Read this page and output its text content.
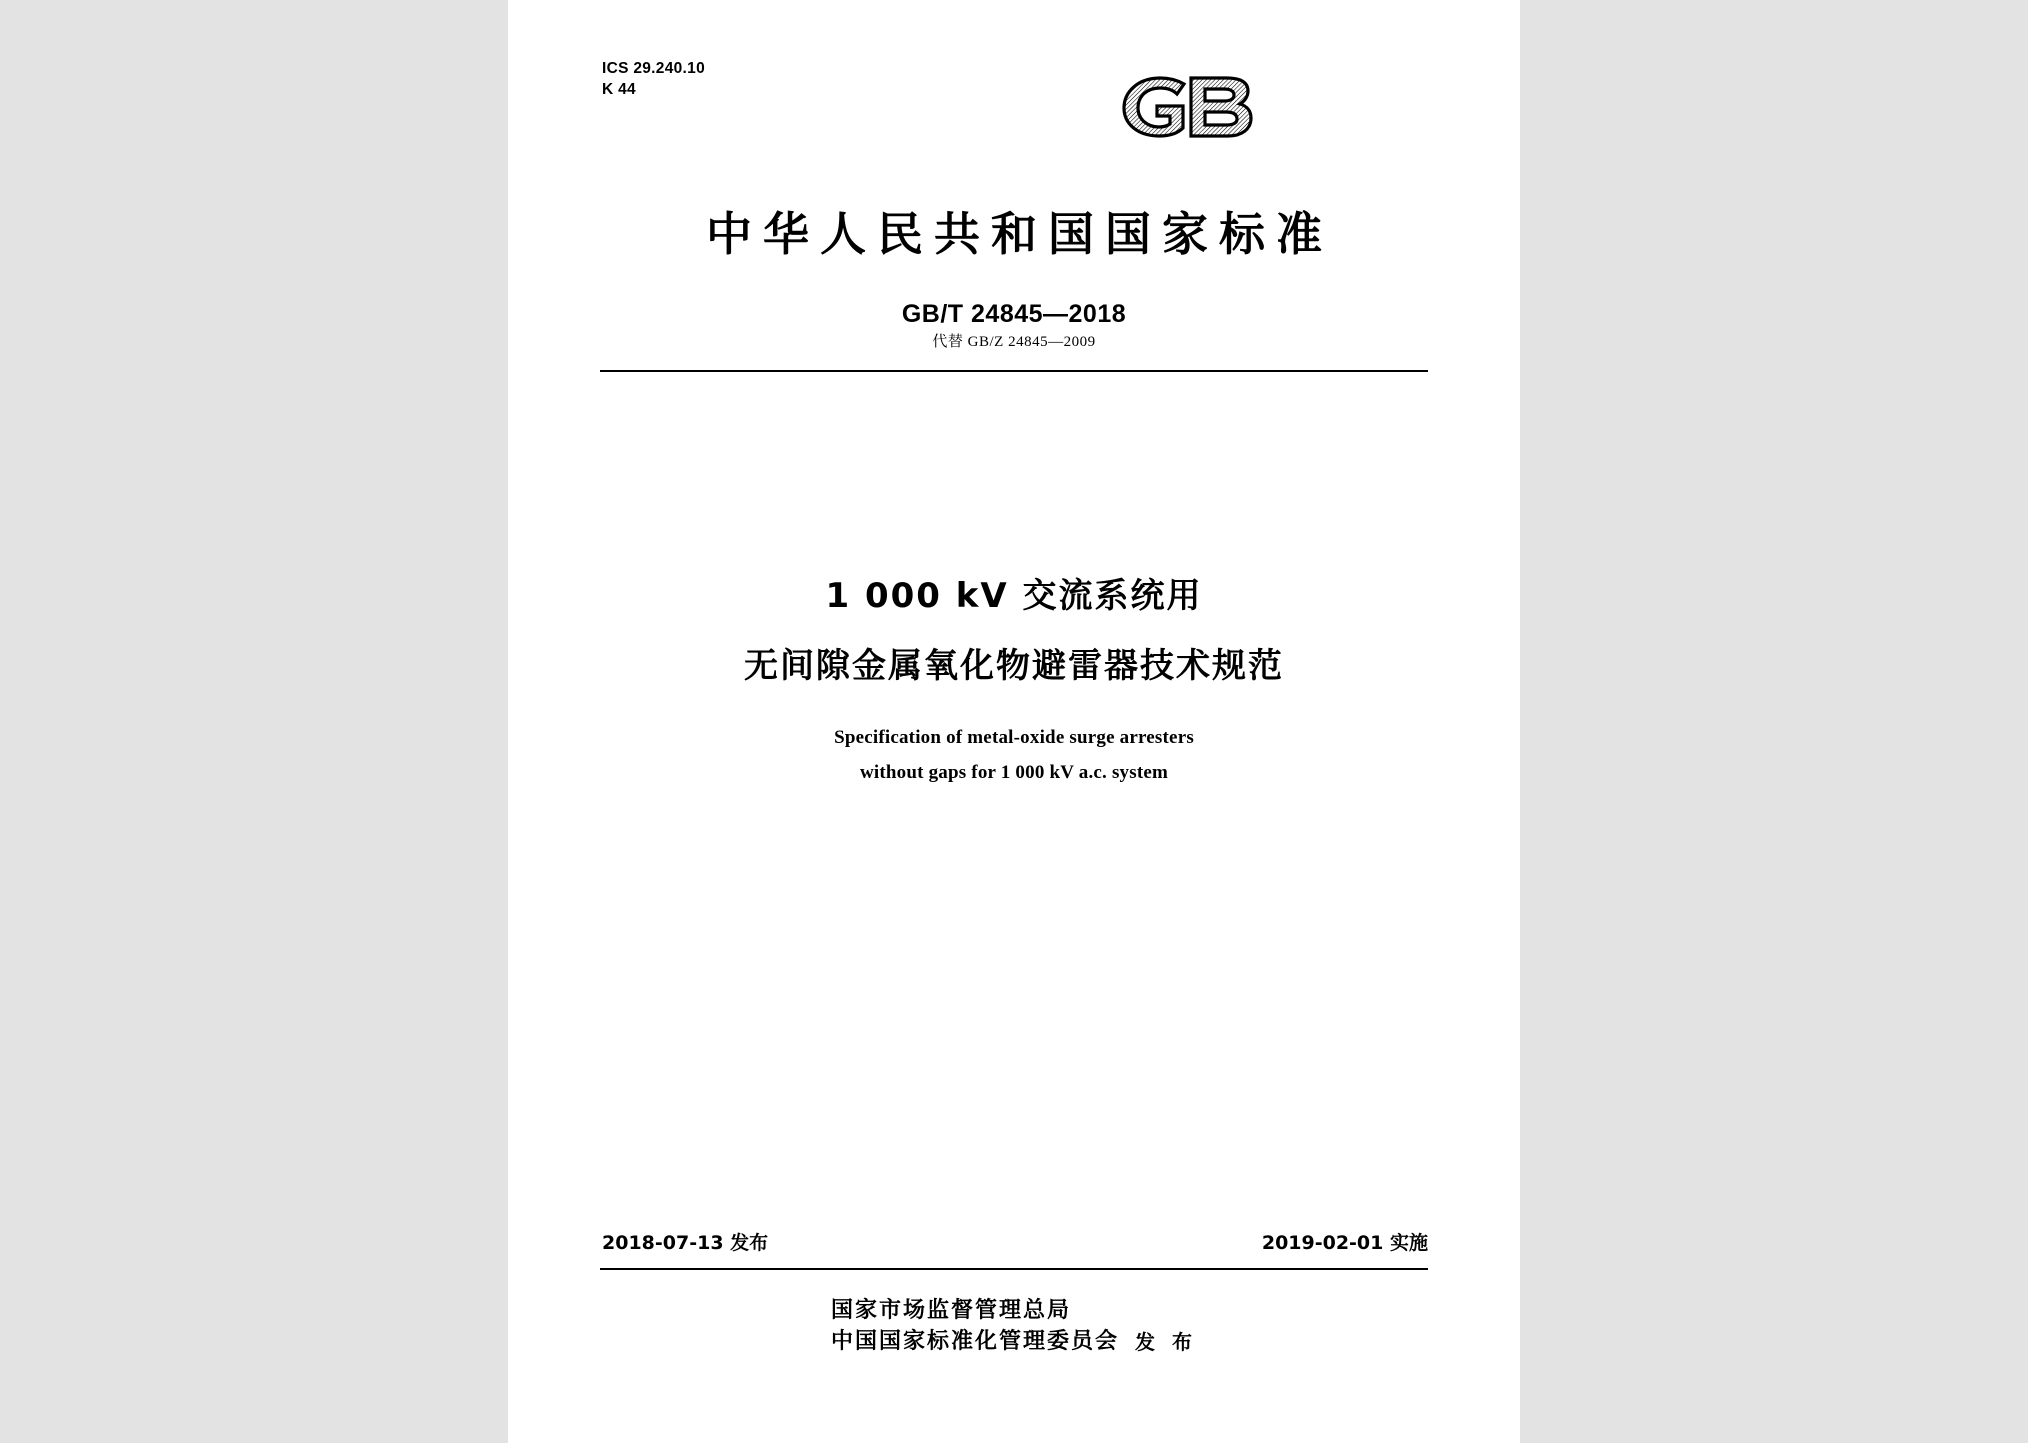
ICS 29.240.10
K 44
中华人民共和国国家标准
GB/T 24845—2018
代替 GB/Z 24845—2009
1 000 kV 交流系统用
无间隙金属氧化物避雷器技术规范
Specification of metal-oxide surge arresters
without gaps for 1 000 kV a.c. system
2018-07-13 发布	2019-02-01 实施
国家市场监督管理总局
中国国家标准化管理委员会 发 布
